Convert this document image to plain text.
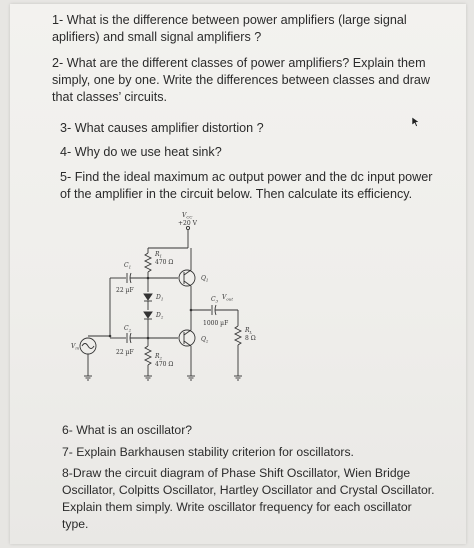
1- What is the difference between power amplifiers (large signal
aplifiers) and small signal amplifiers ?

2- What are the different classes of power amplifiers? Explain them
simply, one by one. Write the differences between classes and draw
that classes’ circuits.

3- What causes amplifier distortion ?

4- Why do we use heat sink?

5- Find the ideal maximum ac output power and the dc input power
of the amplifier in the circuit below. Then calculate its efficiency.

$V_{CC}$
+20 V
$R_1$
470 Ω
$C_1$
22 µF
$Q_1$
$D_1$
$D_2$
$C_3$ $V_{out}$
1000 µF
$R_L$
8 Ω
$C_2$
22 µF
$Q_2$
$R_2$
470 Ω
$V_{in}$

6- What is an oscillator?

7- Explain Barkhausen stability criterion for oscillators.

8-Draw the circuit diagram of Phase Shift Oscillator, Wien Bridge
Oscillator, Colpitts Oscillator, Hartley Oscillator and Crystal Oscillator.
Explain them simply. Write oscillator frequency for each oscillator
type.
